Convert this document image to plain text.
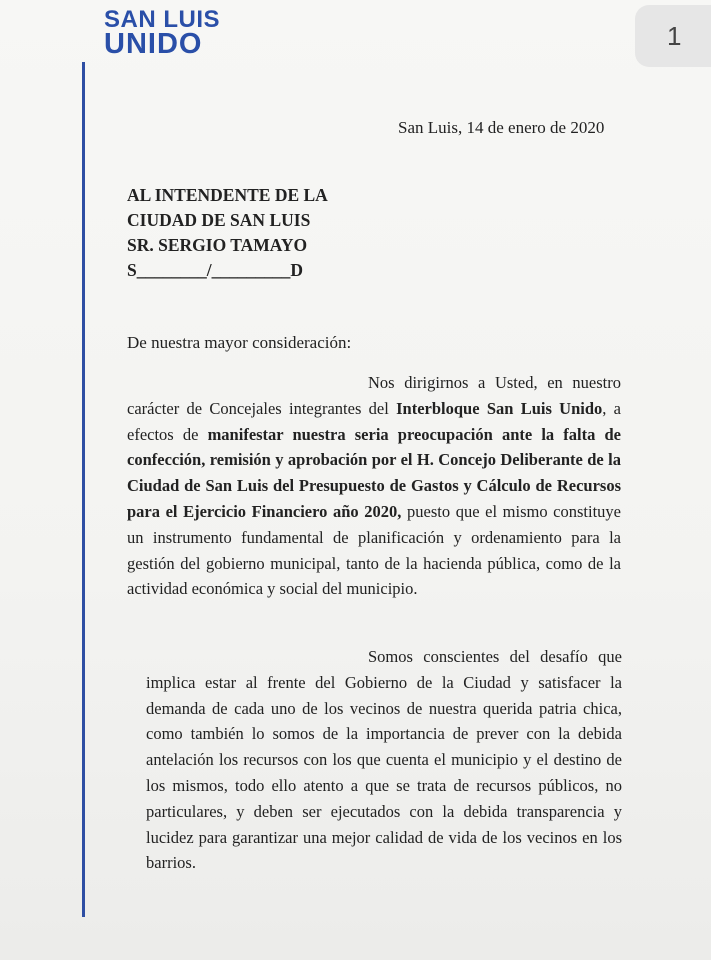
SAN LUIS
UNIDO	1
San Luis, 14 de enero de 2020
AL INTENDENTE DE LA
CIUDAD DE SAN LUIS
SR. SERGIO TAMAYO
S________/_________D
De nuestra mayor consideración:
Nos dirigirnos a Usted, en nuestro carácter de Concejales integrantes del Interbloque San Luis Unido, a efectos de manifestar nuestra seria preocupación ante la falta de confección, remisión y aprobación por el H. Concejo Deliberante de la Ciudad de San Luis del Presupuesto de Gastos y Cálculo de Recursos para el Ejercicio Financiero año 2020, puesto que el mismo constituye un instrumento fundamental de planificación y ordenamiento para la gestión del gobierno municipal, tanto de la hacienda pública, como de la actividad económica y social del municipio.
Somos conscientes del desafío que implica estar al frente del Gobierno de la Ciudad y satisfacer la demanda de cada uno de los vecinos de nuestra querida patria chica, como también lo somos de la importancia de prever con la debida antelación los recursos con los que cuenta el municipio y el destino de los mismos, todo ello atento a que se trata de recursos públicos, no particulares, y deben ser ejecutados con la debida transparencia y lucidez para garantizar una mejor calidad de vida de los vecinos en los barrios.
